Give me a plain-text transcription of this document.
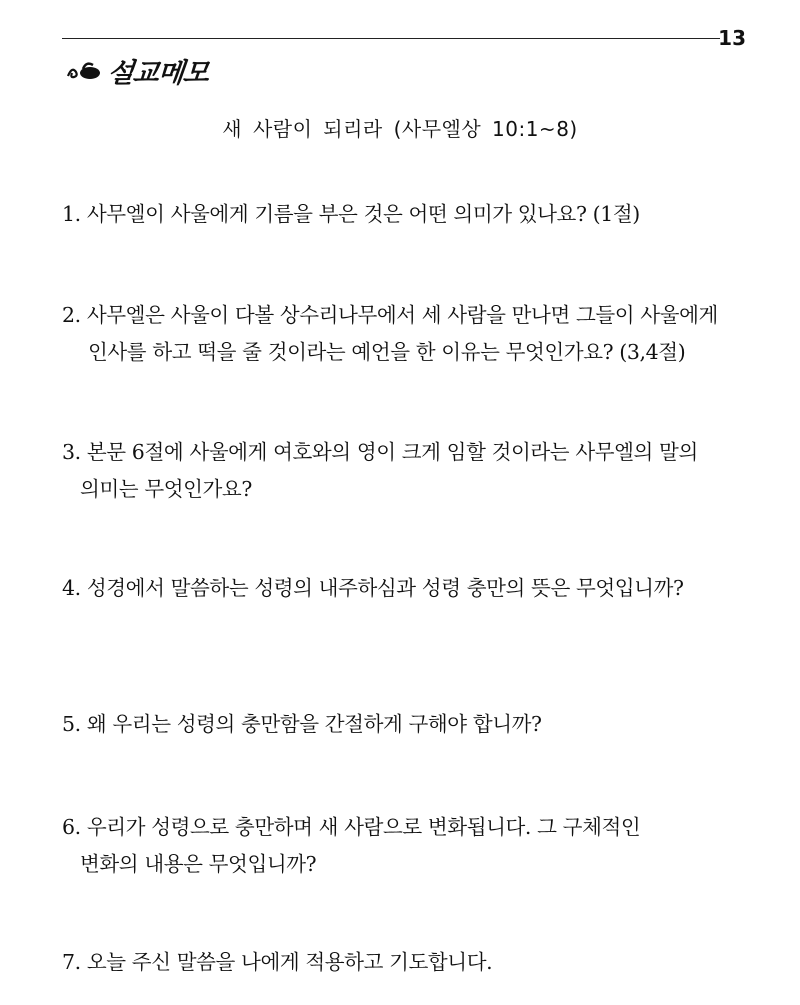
13
설교메모
새 사람이 되리라 (사무엘상 10:1~8)
1. 사무엘이 사울에게 기름을 부은 것은 어떤 의미가 있나요? (1절)
2. 사무엘은 사울이 다볼 상수리나무에서 세 사람을 만나면 그들이 사울에게
인사를 하고 떡을 줄 것이라는 예언을 한 이유는 무엇인가요? (3,4절)
3. 본문 6절에 사울에게 여호와의 영이 크게 임할 것이라는 사무엘의 말의
의미는 무엇인가요?
4. 성경에서 말씀하는 성령의 내주하심과 성령 충만의 뜻은 무엇입니까?
5. 왜 우리는 성령의 충만함을 간절하게 구해야 합니까?
6. 우리가 성령으로 충만하며 새 사람으로 변화됩니다. 그 구체적인
변화의 내용은 무엇입니까?
7. 오늘 주신 말씀을 나에게 적용하고 기도합니다.
